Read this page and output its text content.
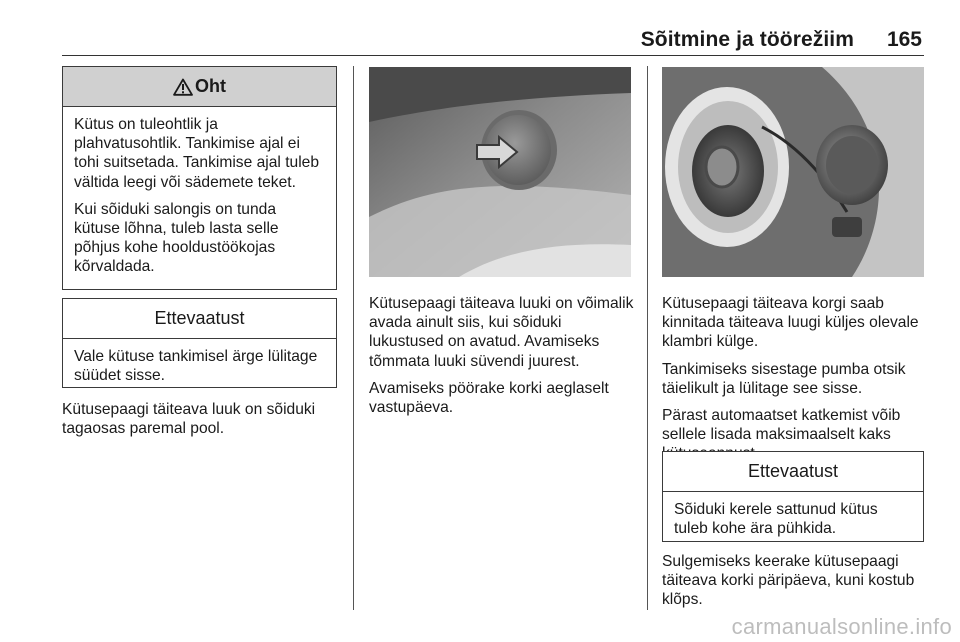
Sõitmine ja töörežiim 165
Oht

Kütus on tuleohtlik ja plahvatusohtlik. Tankimise ajal ei tohi suitsetada. Tankimise ajal tuleb vältida leegi või sädemete teket.

Kui sõiduki salongis on tunda kütuse lõhna, tuleb lasta selle põhjus kohe hooldustöökojas kõrvaldada.

Ettevaatust

Vale kütuse tankimisel ärge lülitage süüdet sisse.

Kütusepaagi täiteava luuk on sõiduki tagaosas paremal pool.

Kütusepaagi täiteava luuki on võimalik avada ainult siis, kui sõiduki lukustused on avatud. Avamiseks tõmmata luuki süvendi juurest.

Avamiseks pöörake korki aeglaselt vastupäeva.

Kütusepaagi täiteava korgi saab kinnitada täiteava luugi küljes olevale klambri külge.

Tankimiseks sisestage pumba otsik täielikult ja lülitage see sisse.

Pärast automaatset katkemist võib sellele lisada maksimaalselt kaks

Ettevaatust

Sõiduki kerele sattunud kütus tuleb kohe ära pühkida.

Sulgemiseks keerake kütusepaagi täiteava korki päripäeva, kuni kostub klõps.

carmanualsonline.info
